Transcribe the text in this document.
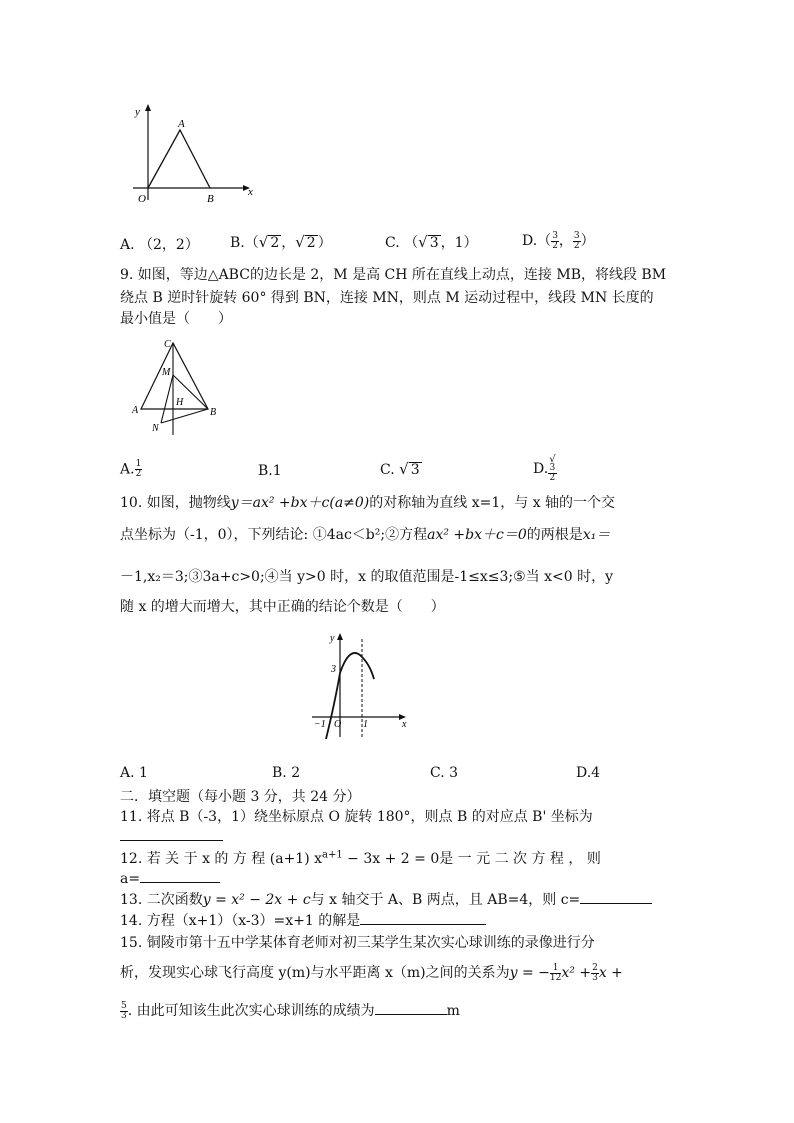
y
x
O
A
B
A. （2，2） B.（√ 2 ，√ 2 ）	C. （√ 3 ，1）	$D.( \frac{3}{2}$ ， $\frac{3}{2}$ ）
9. 如图，等边△ABC的边长是 2，M 是高 CH 所在直线上动点，连接 MB，将线段 BM
绕点 B 逆时针旋转 60° 得到 BN，连接 MN，则点 M 运动过程中，线段 MN 长度的
最小值是（　　）
C
M
H
A	B
N
A. $\frac{1}{2}$	B.1	C. √ 3	D. √
3
2
10. 如图，抛物线y＝ax² +bx＋c(a≠0)的对称轴为直线 x=1，与 x 轴的一个交
点坐标为（-1，0），下列结论: ①4ac＜b²;②方程ax² +bx＋c＝0的两根是x₁＝
－1,x₂＝3;③3a+c>0;④当 y>0 时，x 的取值范围是-1≤x≤3;⑤当 x<0 时，y
随 x 的增大而增大，其中正确的结论个数是（　　）
y
x
3
−1 O 1
A. 1	B. 2	C. 3	D.4
二．填空题（每小题 3 分，共 24 分）
11. 将点 B（-3，1）绕坐标原点 O 旋转 180°，则点 B 的对应点 B' 坐标为
12. 若 关 于 x 的 方 程 (a+1) $x^{a+1} - 3x + 2 = 0$是 一 元 二 次 方 程 ， 则
a=
13. 二次函数y = x² − 2x + c与 x 轴交于 A、B 两点，且 AB=4，则 c=
14. 方程（x+1）（x-3）=x+1 的解是
15. 铜陵市第十五中学某体育老师对初三某学生某次实心球训练的录像进行分
析，发现实心球飞行高度 y(m)与水平距离 x（m)之间的关系为y = − $\frac{1}{12} x^2 + \frac{2}{3}$ x +
$\frac{5}{3}$ . 由此可知该生此次实心球训练的成绩为	m
